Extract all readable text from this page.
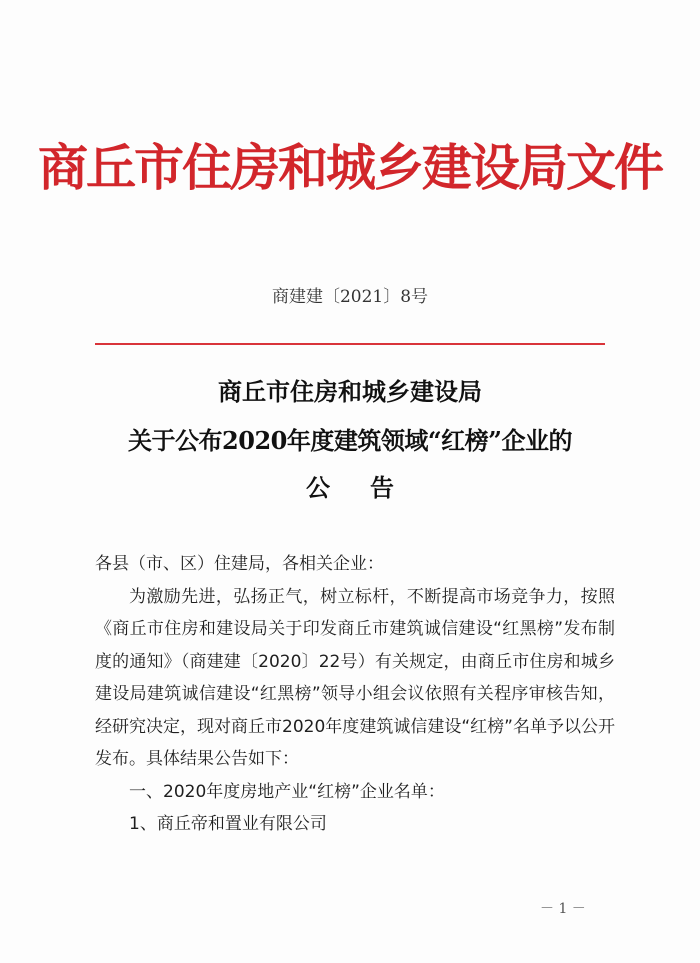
商丘市住房和城乡建设局文件
商建建〔2021〕8号
商丘市住房和城乡建设局
关于公布2020年度建筑领域“红榜”企业的
公告

各县（市、区）住建局，各相关企业：

为激励先进，弘扬正气，树立标杆，不断提高市场竞争力，按照《商丘市住房和建设局关于印发商丘市建筑诚信建设“红黑榜”发布制度的通知》（商建建〔2020〕22号）有关规定，由商丘市住房和城乡建设局建筑诚信建设“红黑榜”领导小组会议依照有关程序审核告知，经研究决定，现对商丘市2020年度建筑诚信建设“红榜”名单予以公开发布。具体结果公告如下：

一、2020年度房地产业“红榜”企业名单：

1、商丘帝和置业有限公司

－ 1 －
